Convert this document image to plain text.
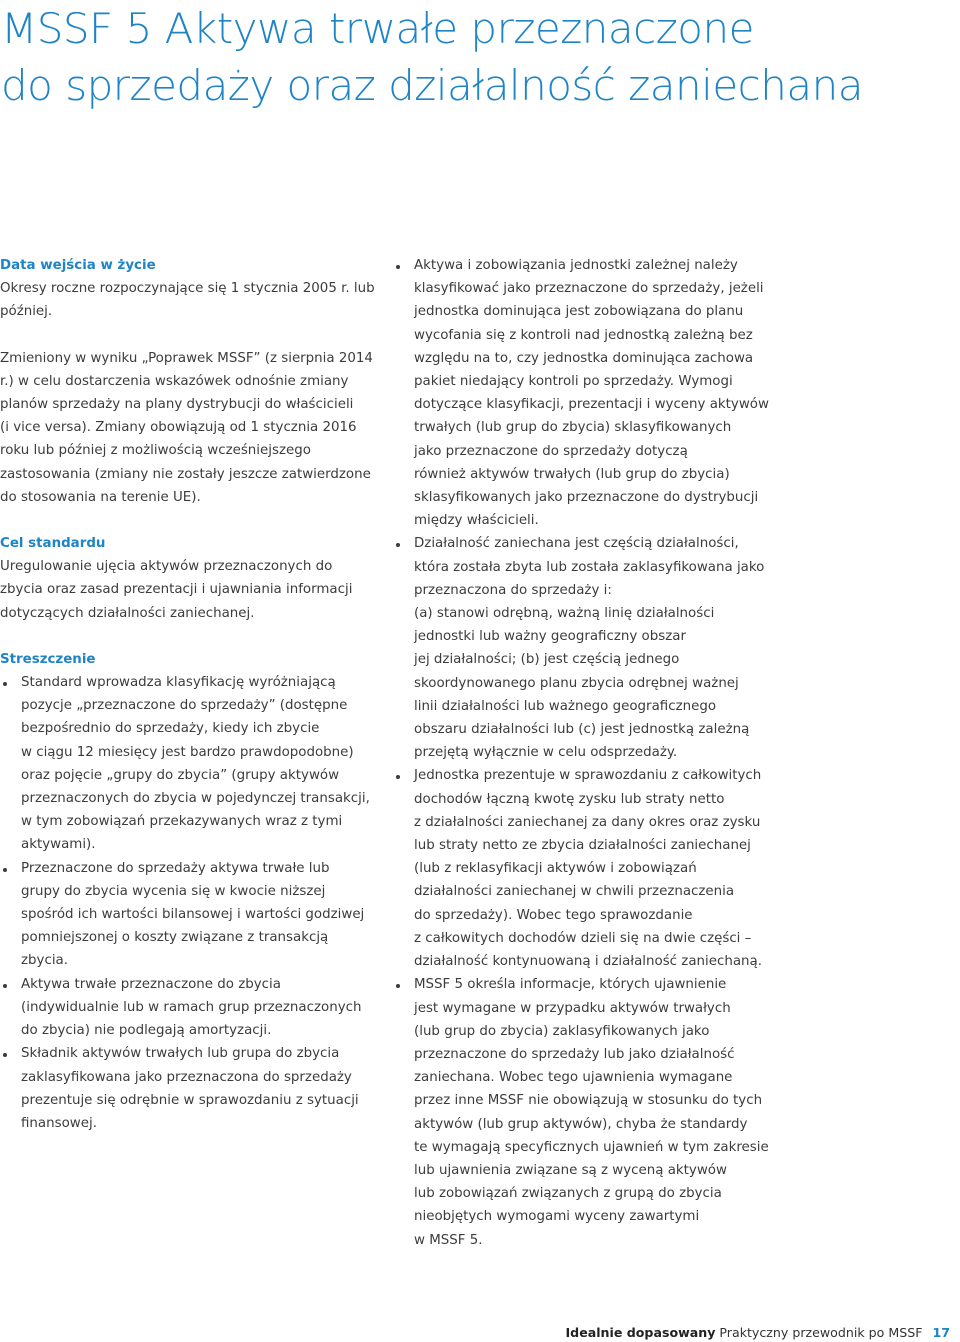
MSSF 5 Aktywa trwałe przeznaczone
do sprzedaży oraz działalność zaniechana
Data wejścia w życie
Okresy roczne rozpoczynające się 1 stycznia 2005 r. lub
później.
Zmieniony w wyniku „Poprawek MSSF” (z sierpnia 2014
r.) w celu dostarczenia wskazówek odnośnie zmiany
planów sprzedaży na plany dystrybucji do właścicieli
(i vice versa). Zmiany obowiązują od 1 stycznia 2016
roku lub później z możliwością wcześniejszego
zastosowania (zmiany nie zostały jeszcze zatwierdzone
do stosowania na terenie UE).
Cel standardu
Uregulowanie ujęcia aktywów przeznaczonych do
zbycia oraz zasad prezentacji i ujawniania informacji
dotyczących działalności zaniechanej.
Streszczenie
Standard wprowadza klasyfikację wyróżniającą
pozycje „przeznaczone do sprzedaży” (dostępne
bezpośrednio do sprzedaży, kiedy ich zbycie
w ciągu 12 miesięcy jest bardzo prawdopodobne)
oraz pojęcie „grupy do zbycia” (grupy aktywów
przeznaczonych do zbycia w pojedynczej transakcji,
w tym zobowiązań przekazywanych wraz z tymi
aktywami).
Przeznaczone do sprzedaży aktywa trwałe lub
grupy do zbycia wycenia się w kwocie niższej
spośród ich wartości bilansowej i wartości godziwej
pomniejszonej o koszty związane z transakcją
zbycia.
Aktywa trwałe przeznaczone do zbycia
(indywidualnie lub w ramach grup przeznaczonych
do zbycia) nie podlegają amortyzacji.
Składnik aktywów trwałych lub grupa do zbycia
zaklasyfikowana jako przeznaczona do sprzedaży
prezentuje się odrębnie w sprawozdaniu z sytuacji
finansowej.
Aktywa i zobowiązania jednostki zależnej należy
klasyfikować jako przeznaczone do sprzedaży, jeżeli
jednostka dominująca jest zobowiązana do planu
wycofania się z kontroli nad jednostką zależną bez
względu na to, czy jednostka dominująca zachowa
pakiet niedający kontroli po sprzedaży. Wymogi
dotyczące klasyfikacji, prezentacji i wyceny aktywów
trwałych (lub grup do zbycia) sklasyfikowanych
jako przeznaczone do sprzedaży dotyczą
również aktywów trwałych (lub grup do zbycia)
sklasyfikowanych jako przeznaczone do dystrybucji
między właścicieli.
Działalność zaniechana jest częścią działalności,
która została zbyta lub została zaklasyfikowana jako
przeznaczona do sprzedaży i:
(a) stanowi odrębną, ważną linię działalności
jednostki lub ważny geograficzny obszar
jej działalności; (b) jest częścią jednego
skoordynowanego planu zbycia odrębnej ważnej
linii działalności lub ważnego geograficznego
obszaru działalności lub (c) jest jednostką zależną
przejętą wyłącznie w celu odsprzedaży.
Jednostka prezentuje w sprawozdaniu z całkowitych
dochodów łączną kwotę zysku lub straty netto
z działalności zaniechanej za dany okres oraz zysku
lub straty netto ze zbycia działalności zaniechanej
(lub z reklasyfikacji aktywów i zobowiązań
działalności zaniechanej w chwili przeznaczenia
do sprzedaży). Wobec tego sprawozdanie
z całkowitych dochodów dzieli się na dwie części –
działalność kontynuowaną i działalność zaniechaną.
MSSF 5 określa informacje, których ujawnienie
jest wymagane w przypadku aktywów trwałych
(lub grup do zbycia) zaklasyfikowanych jako
przeznaczone do sprzedaży lub jako działalność
zaniechana. Wobec tego ujawnienia wymagane
przez inne MSSF nie obowiązują w stosunku do tych
aktywów (lub grup aktywów), chyba że standardy
te wymagają specyficznych ujawnień w tym zakresie
lub ujawnienia związane są z wyceną aktywów
lub zobowiązań związanych z grupą do zbycia
nieobjętych wymogami wyceny zawartymi
w MSSF 5.
Idealnie dopasowany Praktyczny przewodnik po MSSF 17
